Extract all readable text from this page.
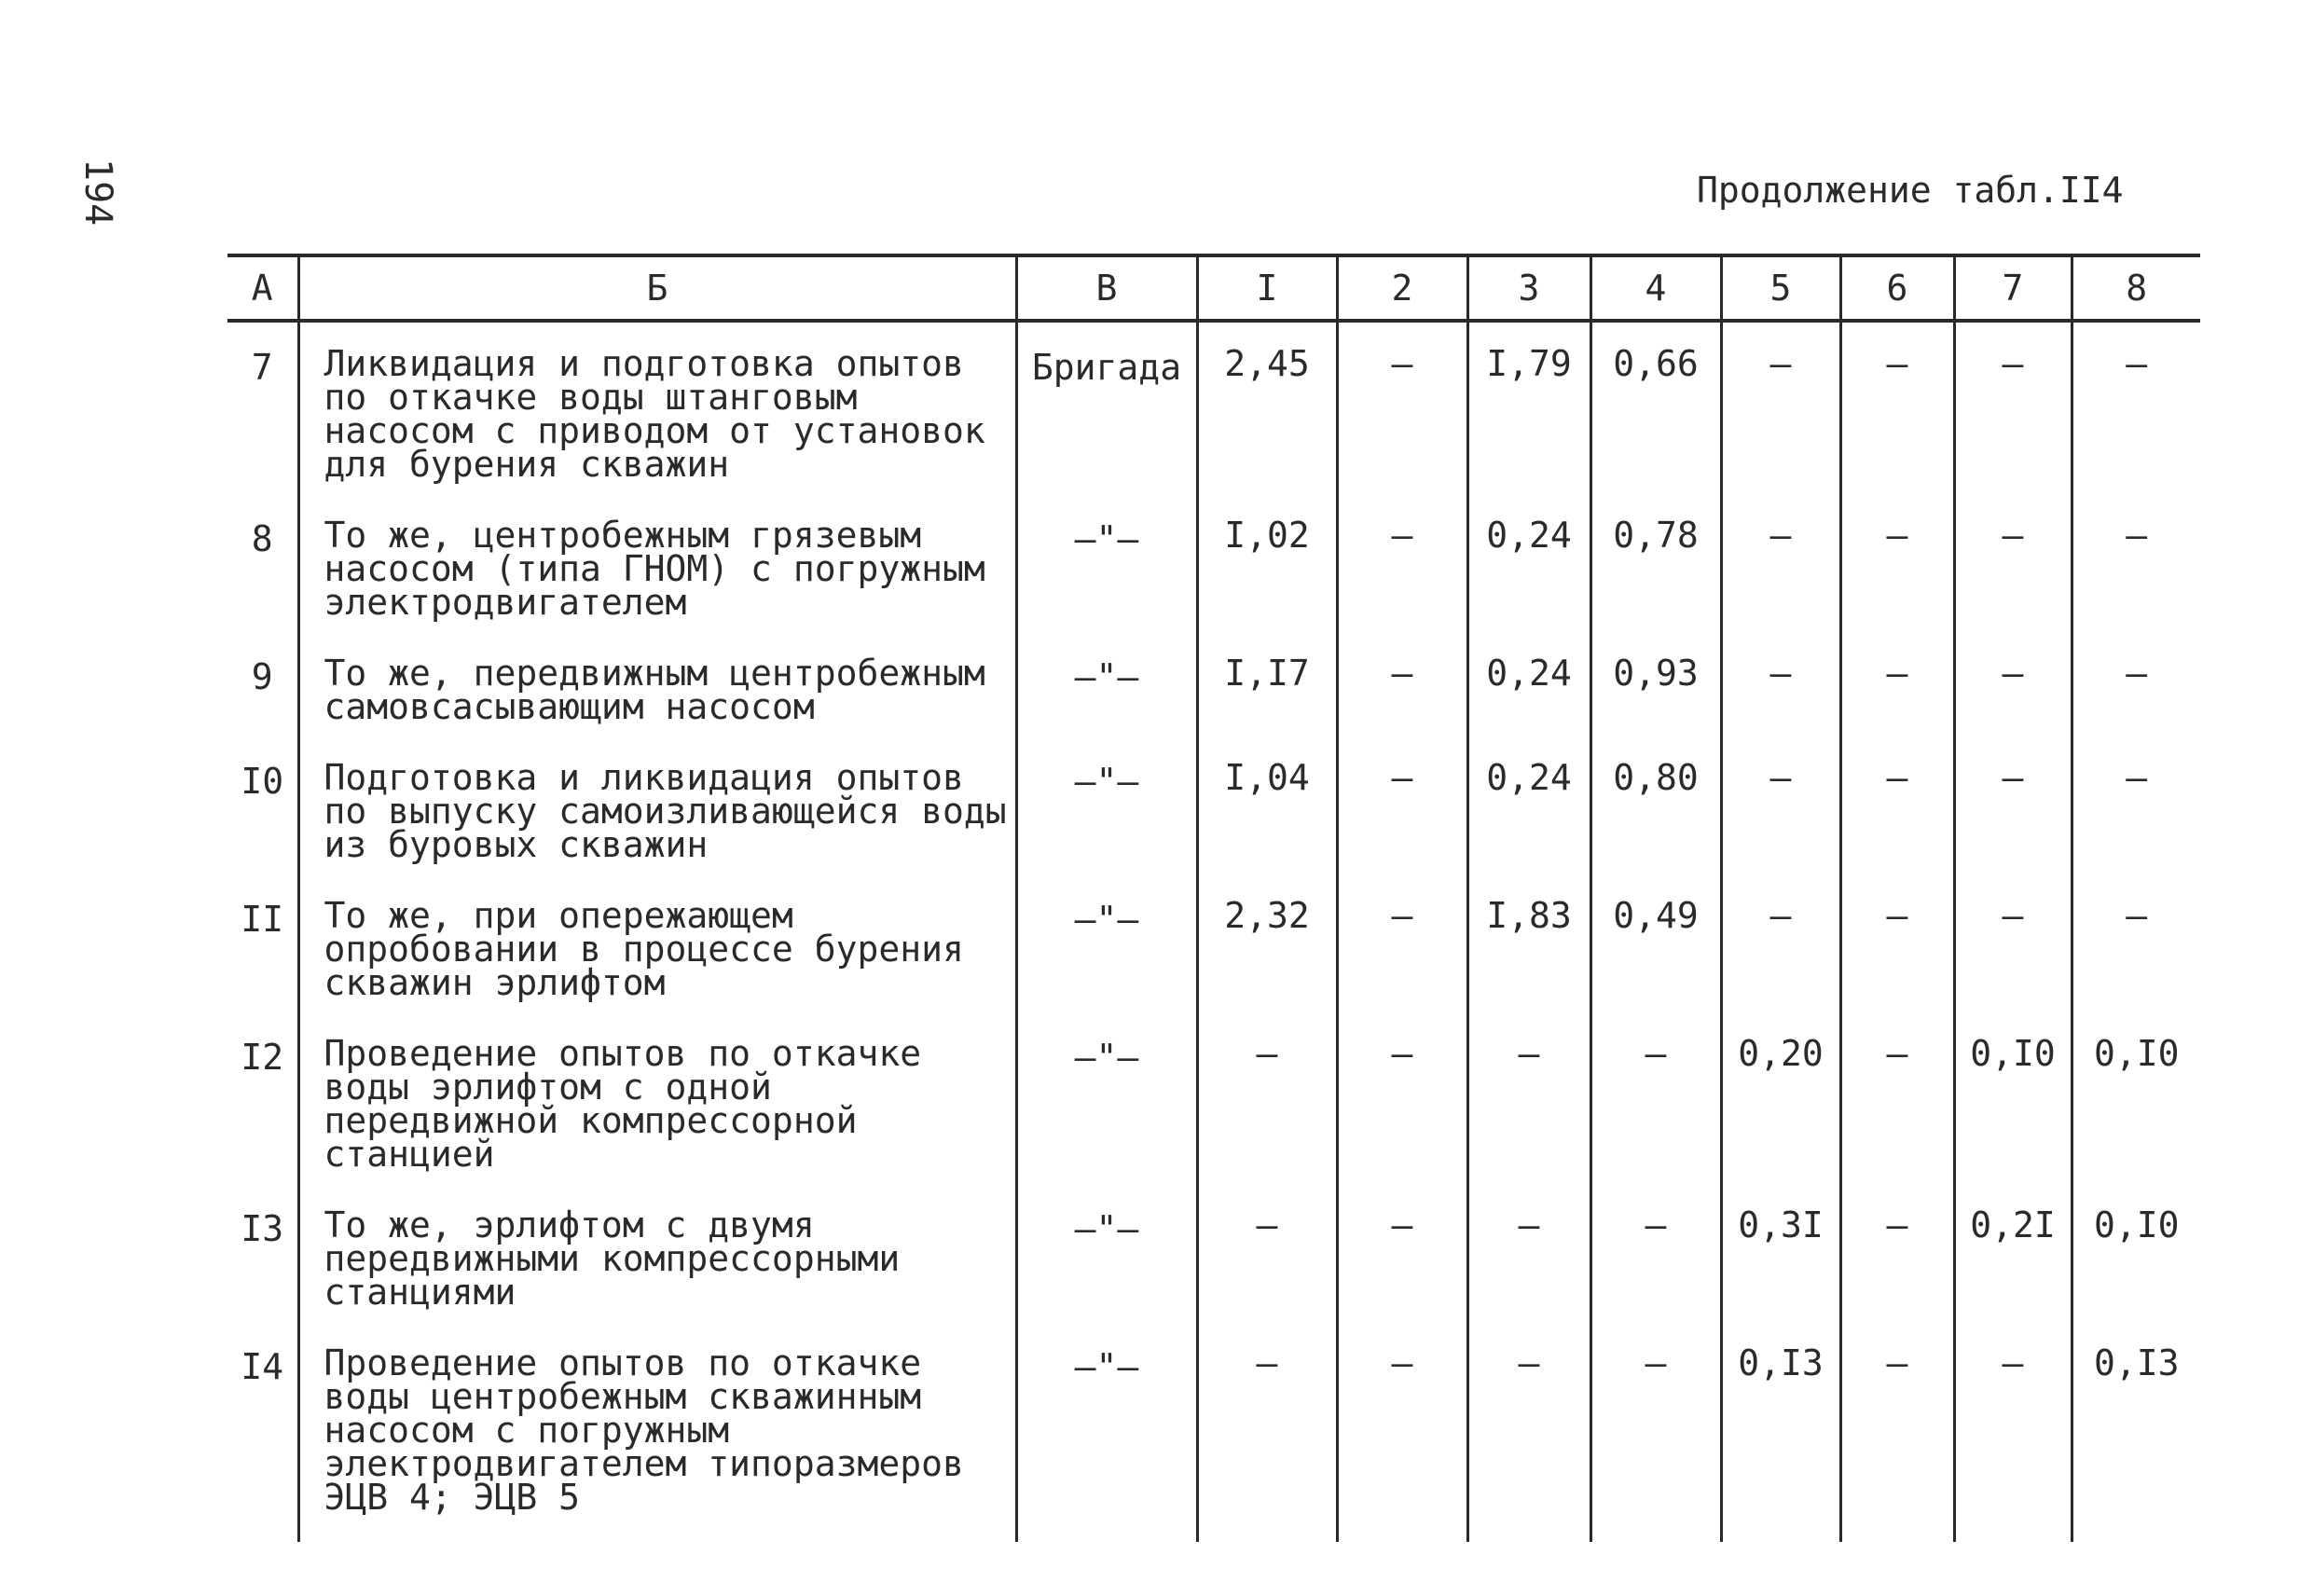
194	Продолжение табл.II4
А	Б	В	I	2	3	4	5	6	7	8
7	Ликвидация и подготовка опытов по откачке воды штанговым насосом с приводом от установок для бурения скважин	Бригада	2,45	–	I,79	0,66	–	–	–	–
8	То же, центробежным грязевым насосом (типа ГНОМ) с погружным электродвигателем	–"–	I,02	–	0,24	0,78	–	–	–	–
9	То же, передвижным центробежным самовсасывающим насосом	–"–	I,I7	–	0,24	0,93	–	–	–	–
I0	Подготовка и ликвидация опытов по выпуску самоизливающейся воды из буровых скважин	–"–	I,04	–	0,24	0,80	–	–	–	–
II	То же, при опережающем опробовании в процессе бурения скважин эрлифтом	–"–	2,32	–	I,83	0,49	–	–	–	–
I2	Проведение опытов по откачке воды эрлифтом с одной передвижной компрессорной станцией	–"–	–	–	–	–	0,20	–	0,I0	0,I0
I3	То же, эрлифтом с двумя передвижными компрессорными станциями	–"–	–	–	–	–	0,3I	–	0,2I	0,I0
I4	Проведение опытов по откачке воды центробежным скважинным насосом с погружным электродвигателем типоразмеров ЭЦВ 4; ЭЦВ 5	–"–	–	–	–	–	0,I3	–	–	0,I3
